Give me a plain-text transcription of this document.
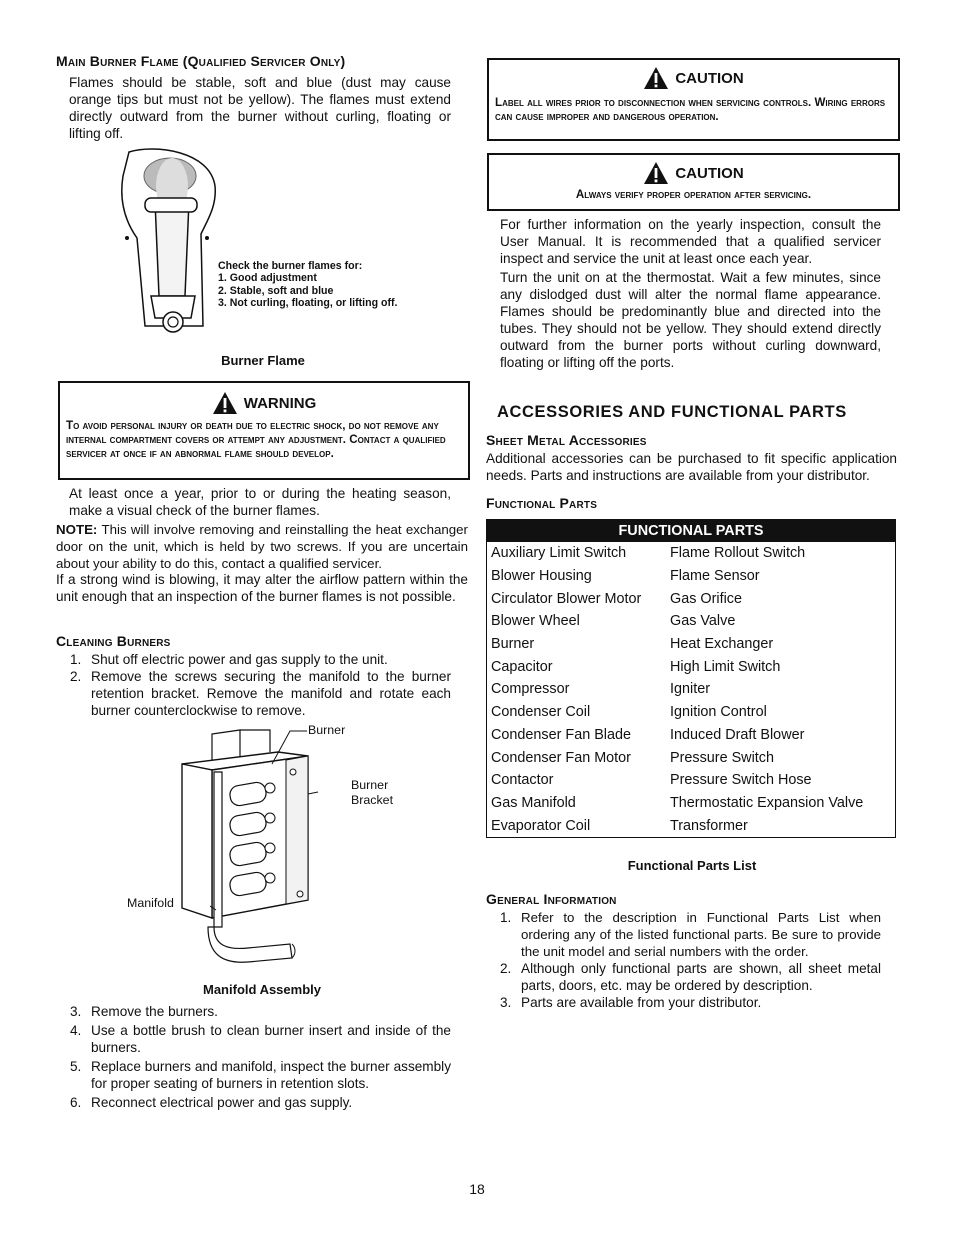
Main Burner Flame (Qualified Servicer Only)
Flames should be stable, soft and blue (dust may cause orange tips but must not be yellow). The flames must extend directly outward from the burner without curling, floating or lifting off.
Check the burner flames for:
1. Good adjustment
2. Stable, soft and blue
3. Not curling, floating, or lifting off.
Burner Flame
WARNING
To avoid personal injury or death due to electric shock, do not remove any internal compartment covers or attempt any adjustment. Contact a qualified servicer at once if an abnormal flame should develop.
At least once a year, prior to or during the heating season, make a visual check of the burner flames.
NOTE: This will involve removing and reinstalling the heat exchanger door on the unit, which is held by two screws. If you are uncertain about your ability to do this, contact a qualified servicer.
If a strong wind is blowing, it may alter the airflow pattern within the unit enough that an inspection of the burner flames is not possible.
Cleaning Burners
1. Shut off electric power and gas supply to the unit.
2. Remove the screws securing the manifold to the burner retention bracket. Remove the manifold and rotate each burner counterclockwise to remove.
Burner
Burner
Bracket
Manifold
Manifold Assembly
3. Remove the burners.
4. Use a bottle brush to clean burner insert and inside of the burners.
5. Replace burners and manifold, inspect the burner assembly for proper seating of burners in retention slots.
6. Reconnect electrical power and gas supply.
CAUTION
Label all wires prior to disconnection when servicing controls. Wiring errors can cause improper and dangerous operation.
CAUTION
Always verify proper operation after servicing.
For further information on the yearly inspection, consult the User Manual. It is recommended that a qualified servicer inspect and service the unit at least once each year.
Turn the unit on at the thermostat. Wait a few minutes, since any dislodged dust will alter the normal flame appearance. Flames should be predominantly blue and directed into the tubes. They should not be yellow. They should extend directly outward from the burner ports without curling downward, floating or lifting off the ports.
ACCESSORIES AND FUNCTIONAL PARTS
Sheet Metal Accessories
Additional accessories can be purchased to fit specific application needs. Parts and instructions are available from your distributor.
Functional Parts
FUNCTIONAL PARTS	
Auxiliary Limit Switch	Flame Rollout Switch
Blower Housing	Flame Sensor
Circulator Blower Motor	Gas Orifice
Blower Wheel	Gas Valve
Burner	Heat Exchanger
Capacitor	High Limit Switch
Compressor	Igniter
Condenser Coil	Ignition Control
Condenser Fan Blade	Induced Draft Blower
Condenser Fan Motor	Pressure Switch
Contactor	Pressure Switch Hose
Gas Manifold	Thermostatic Expansion Valve
Evaporator Coil	Transformer
Functional Parts List
General Information
1. Refer to the description in Functional Parts List when ordering any of the listed functional parts. Be sure to provide the unit model and serial numbers with the order.
2. Although only functional parts are shown, all sheet metal parts, doors, etc. may be ordered by description.
3. Parts are available from your distributor.
18
